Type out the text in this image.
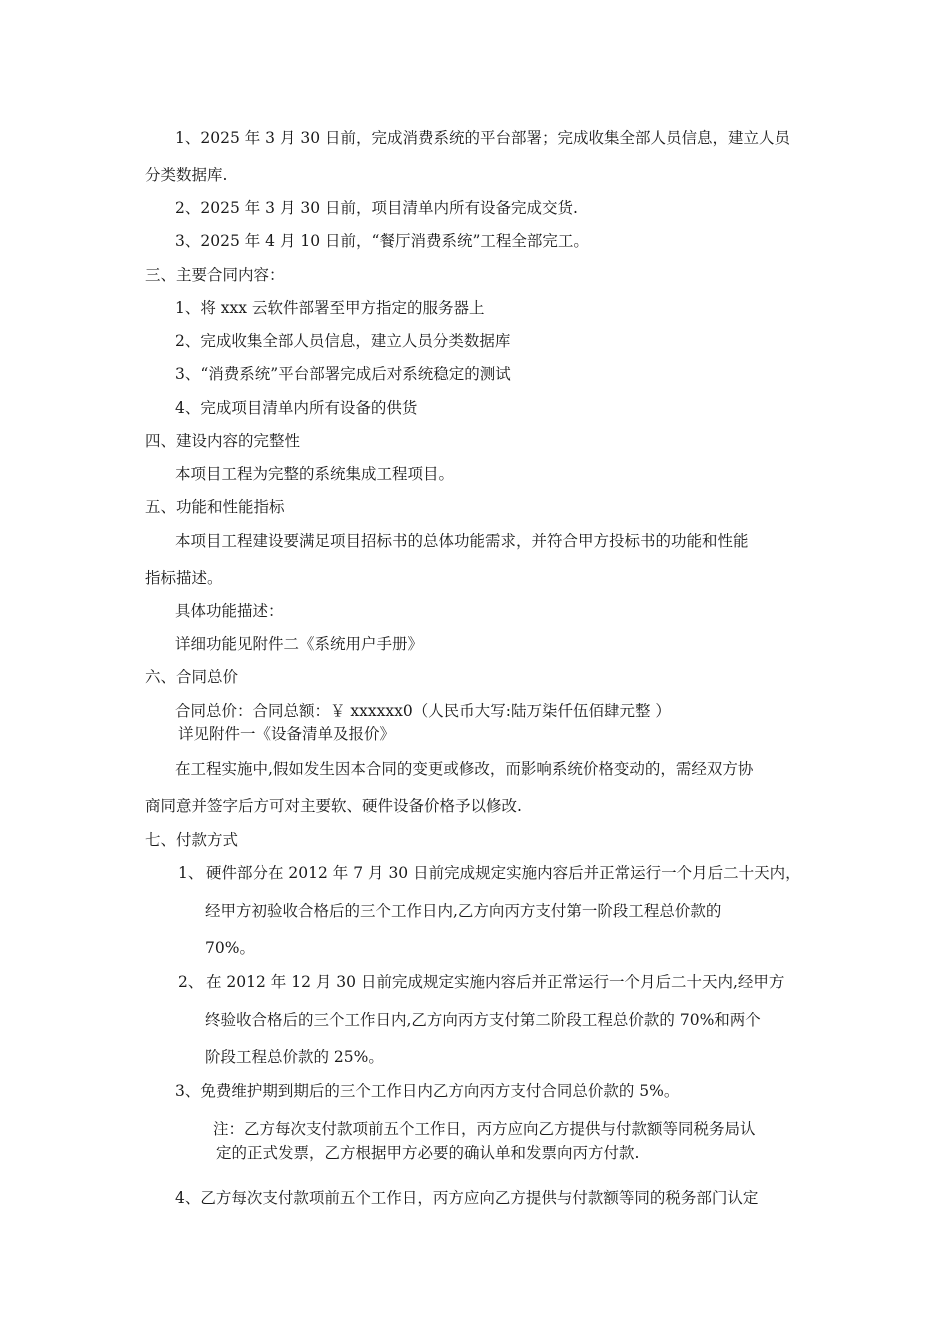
1、2025 年 3 月 30 日前，完成消费系统的平台部署；完成收集全部人员信息，建立人员
分类数据库.
2、2025 年 3 月 30 日前，项目清单内所有设备完成交货.
3、2025 年 4 月 10 日前，“餐厅消费系统”工程全部完工。
三、主要合同内容：
1、将 xxx 云软件部署至甲方指定的服务器上
2、完成收集全部人员信息，建立人员分类数据库
3、“消费系统”平台部署完成后对系统稳定的测试
4、完成项目清单内所有设备的供货
四、建设内容的完整性
本项目工程为完整的系统集成工程项目。
五、功能和性能指标
本项目工程建设要满足项目招标书的总体功能需求，并符合甲方投标书的功能和性能
指标描述。
具体功能描述：
详细功能见附件二《系统用户手册》
六、合同总价
合同总价：合同总额：￥ xxxxxx0（人民币大写:陆万柒仟伍佰肆元整 ）
详见附件一《设备清单及报价》
在工程实施中,假如发生因本合同的变更或修改，而影响系统价格变动的，需经双方协
商同意并签字后方可对主要软、硬件设备价格予以修改.
七、付款方式
1、 硬件部分在 2012 年 7 月 30 日前完成规定实施内容后并正常运行一个月后二十天内，
经甲方初验收合格后的三个工作日内,乙方向丙方支付第一阶段工程总价款的
70%。
2、 在 2012 年 12 月 30 日前完成规定实施内容后并正常运行一个月后二十天内,经甲方
终验收合格后的三个工作日内,乙方向丙方支付第二阶段工程总价款的 70%和两个
阶段工程总价款的 25%。
3、免费维护期到期后的三个工作日内乙方向丙方支付合同总价款的 5%。
注：乙方每次支付款项前五个工作日，丙方应向乙方提供与付款额等同税务局认
定的正式发票，乙方根据甲方必要的确认单和发票向丙方付款.
4、乙方每次支付款项前五个工作日，丙方应向乙方提供与付款额等同的税务部门认定
